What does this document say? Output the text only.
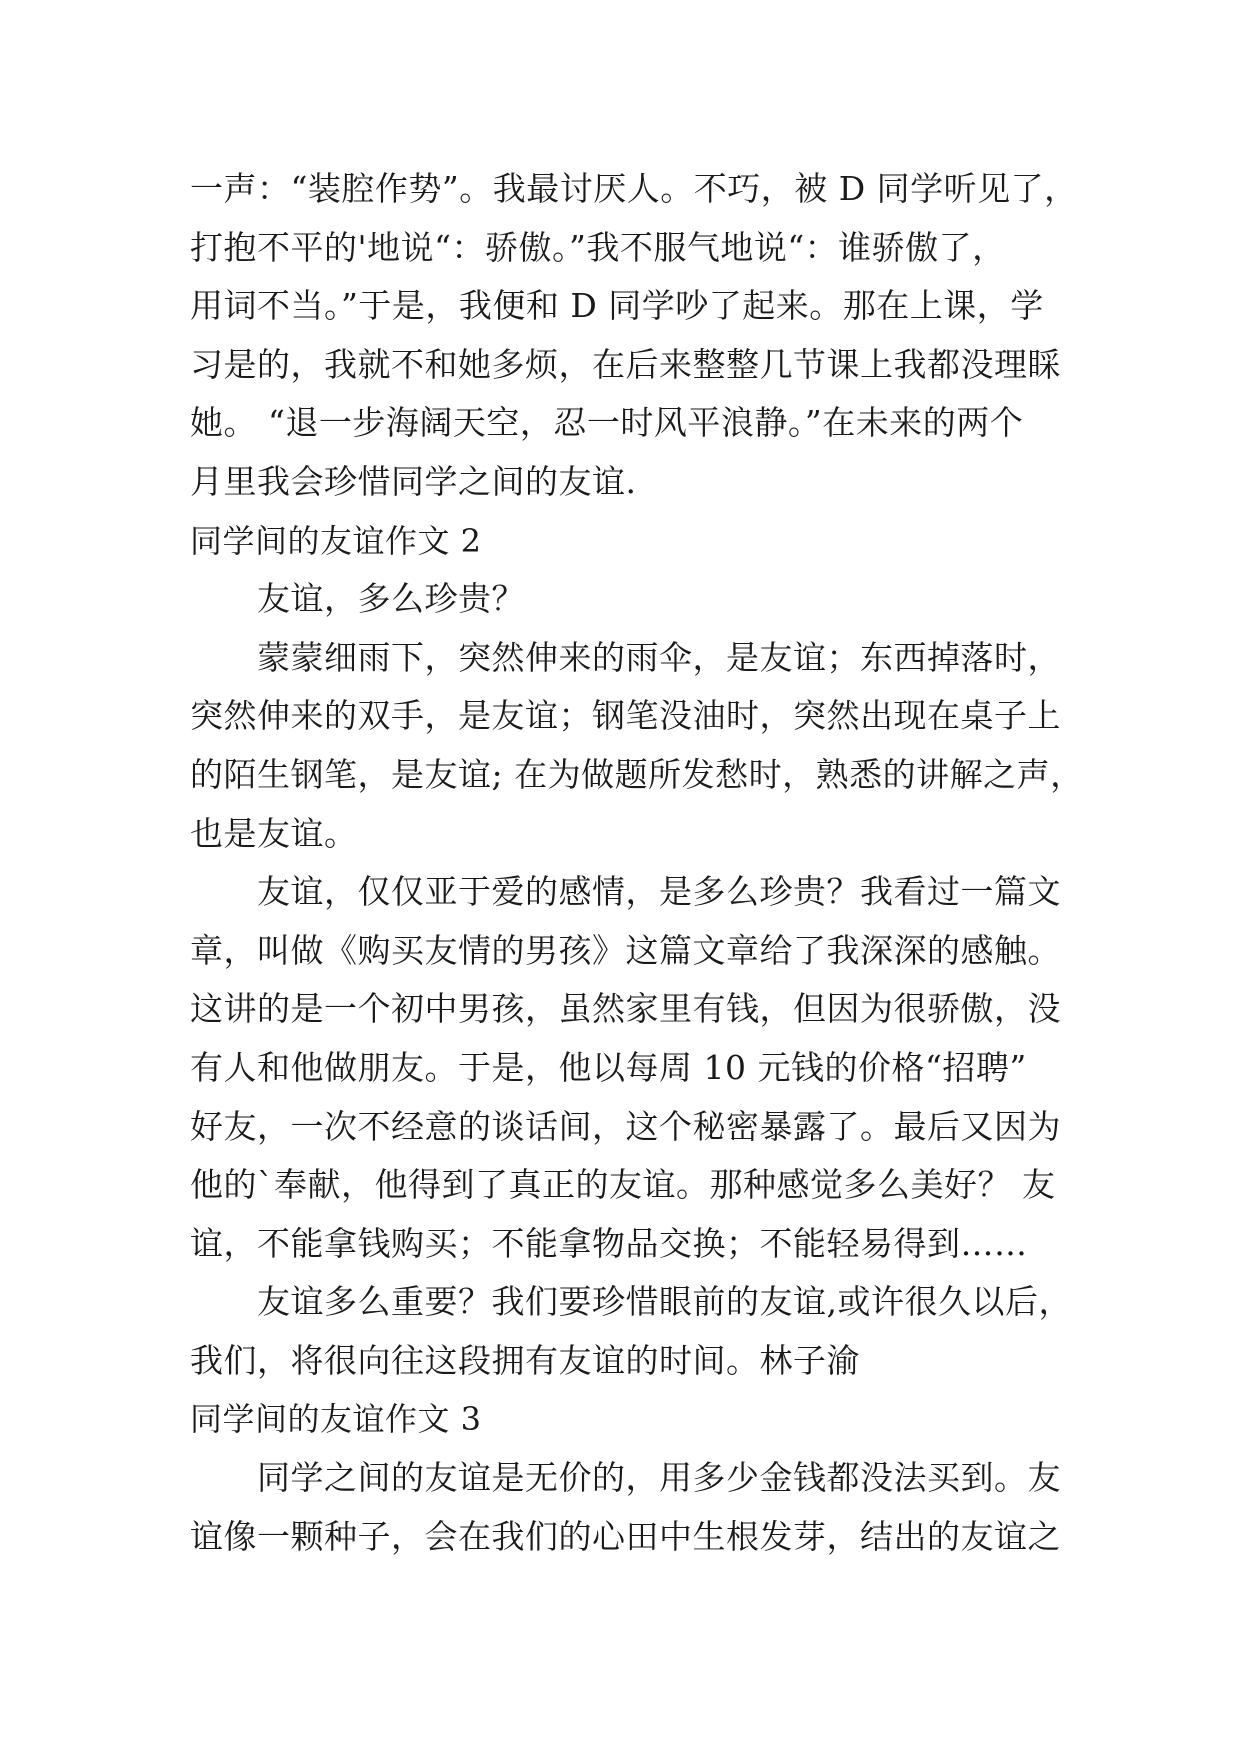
一声：“装腔作势”。我最讨厌人。不巧，被 D 同学听见了，
打抱不平的'地说“：骄傲。”我不服气地说“：谁骄傲了，
用词不当。”于是，我便和 D 同学吵了起来。那在上课，学
习是的，我就不和她多烦，在后来整整几节课上我都没理睬
她。 “退一步海阔天空，忍一时风平浪静。”在未来的两个
月里我会珍惜同学之间的友谊.
同学间的友谊作文 2
　　友谊，多么珍贵？
　　蒙蒙细雨下，突然伸来的雨伞，是友谊；东西掉落时，
突然伸来的双手，是友谊；钢笔没油时，突然出现在桌子上
的陌生钢笔，是友谊; 在为做题所发愁时，熟悉的讲解之声，
也是友谊。
　　友谊，仅仅亚于爱的感情，是多么珍贵？我看过一篇文
章，叫做《购买友情的男孩》这篇文章给了我深深的感触。
这讲的是一个初中男孩，虽然家里有钱，但因为很骄傲，没
有人和他做朋友。于是，他以每周 10 元钱的价格“招聘”
好友，一次不经意的谈话间，这个秘密暴露了。最后又因为
他的`奉献，他得到了真正的友谊。那种感觉多么美好？ 友
谊，不能拿钱购买；不能拿物品交换；不能轻易得到……
　　友谊多么重要？我们要珍惜眼前的友谊,或许很久以后，
我们，将很向往这段拥有友谊的时间。林子渝
同学间的友谊作文 3
　　同学之间的友谊是无价的，用多少金钱都没法买到。友
谊像一颗种子，会在我们的心田中生根发芽，结出的友谊之
